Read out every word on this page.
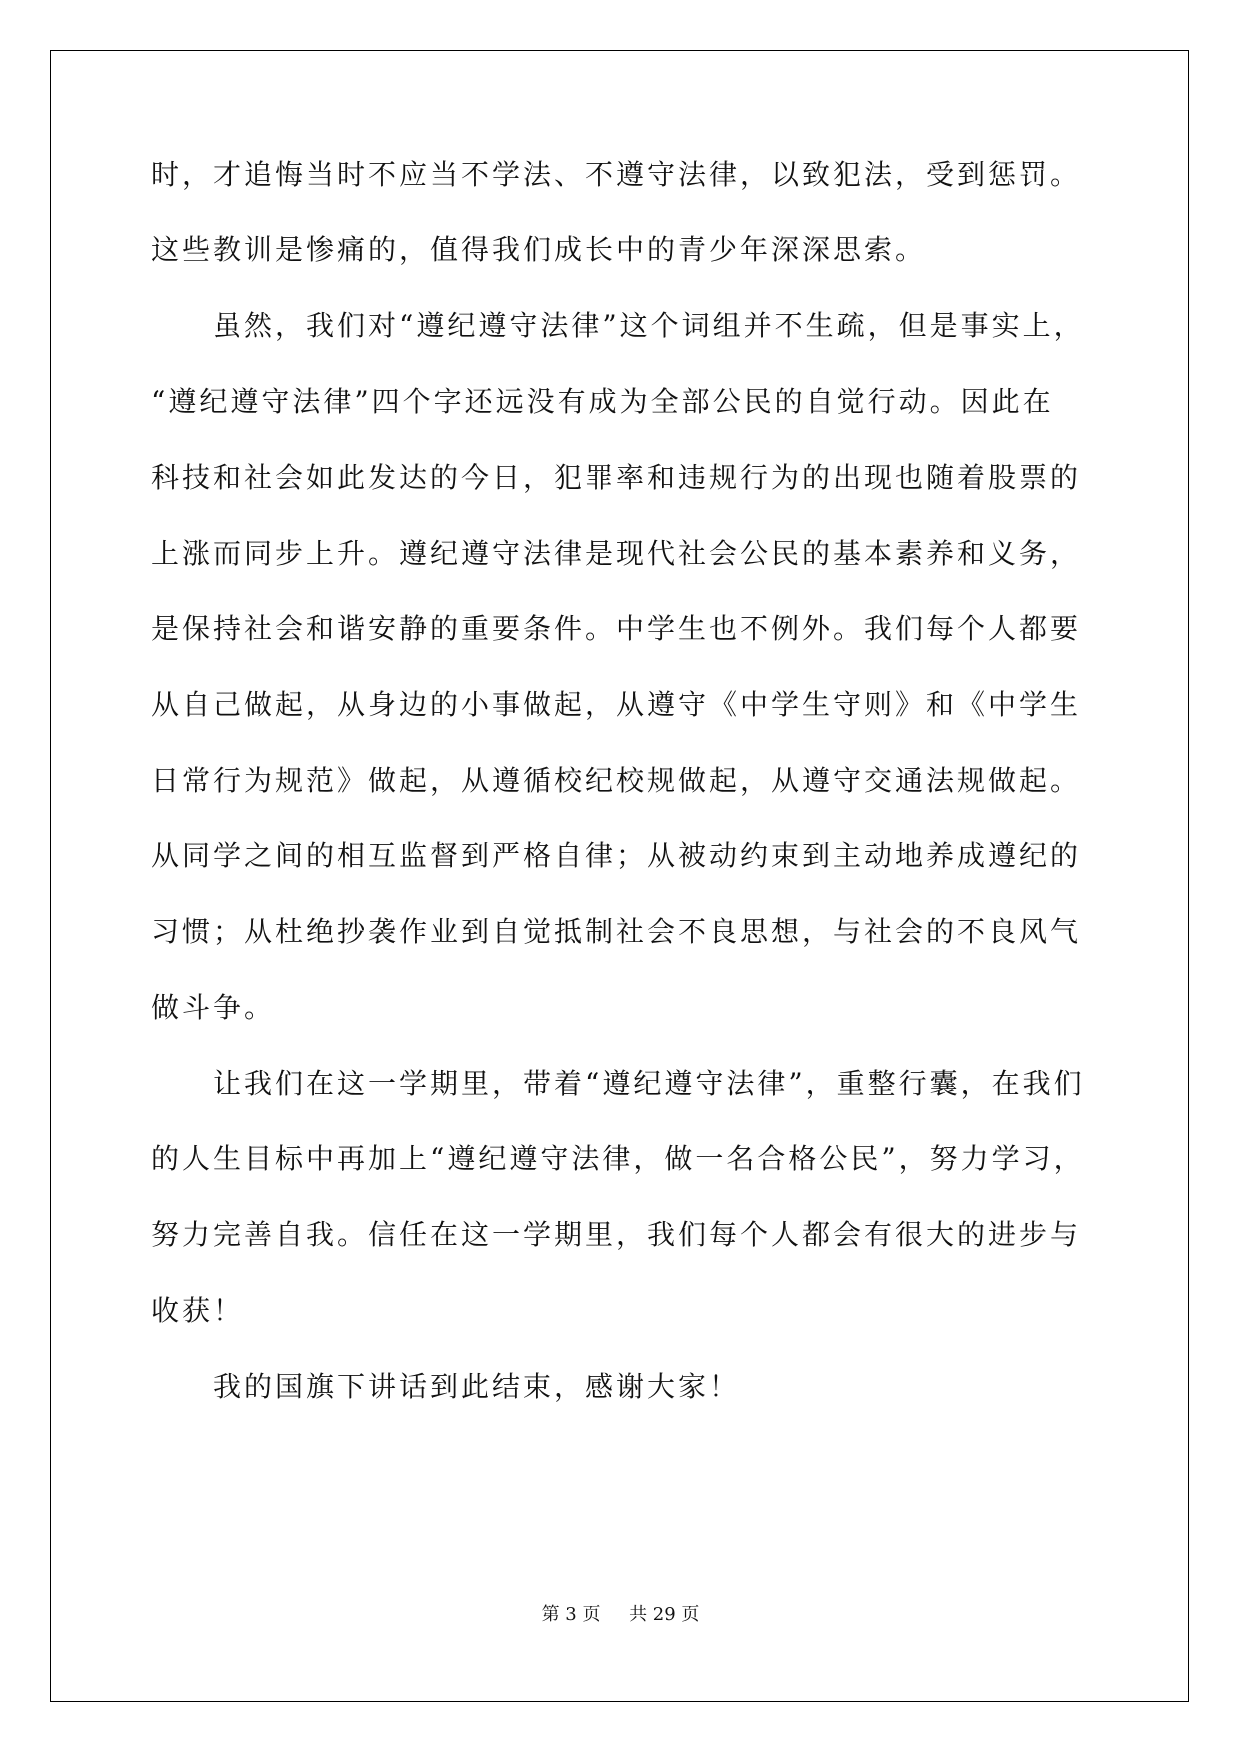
时，才追悔当时不应当不学法、不遵守法律，以致犯法，受到惩罚。

这些教训是惨痛的，值得我们成长中的青少年深深思索。

虽然，我们对“遵纪遵守法律”这个词组并不生疏，但是事实上，

“遵纪遵守法律”四个字还远没有成为全部公民的自觉行动。因此在

科技和社会如此发达的今日，犯罪率和违规行为的出现也随着股票的

上涨而同步上升。遵纪遵守法律是现代社会公民的基本素养和义务，

是保持社会和谐安静的重要条件。中学生也不例外。我们每个人都要

从自己做起，从身边的小事做起，从遵守《中学生守则》和《中学生

日常行为规范》做起，从遵循校纪校规做起，从遵守交通法规做起。

从同学之间的相互监督到严格自律；从被动约束到主动地养成遵纪的

习惯；从杜绝抄袭作业到自觉抵制社会不良思想，与社会的不良风气

做斗争。

让我们在这一学期里，带着“遵纪遵守法律”，重整行囊，在我们

的人生目标中再加上“遵纪遵守法律，做一名合格公民”，努力学习，

努力完善自我。信任在这一学期里，我们每个人都会有很大的进步与

收获！

我的国旗下讲话到此结束，感谢大家！

第 3 页 共 29 页
